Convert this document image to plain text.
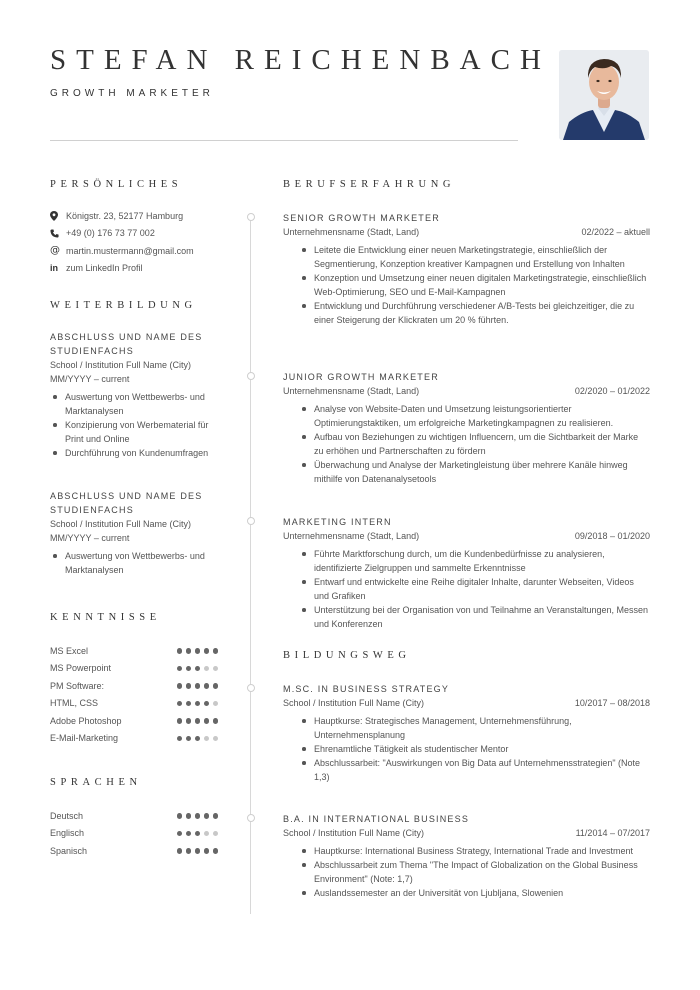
STEFAN REICHENBACH
GROWTH MARKETER
PERSÖNLICHES
Königstr. 23, 52177 Hamburg
+49 (0) 176 73 77 002
@ martin.mustermann@gmail.com
in zum LinkedIn Profil
WEITERBILDUNG
ABSCHLUSS UND NAME DES STUDIENFACHS
School / Institution Full Name (City)
MM/YYYY – current
Auswertung von Wettbewerbs- und Marktanalysen
Konzipierung von Werbematerial für Print und Online
Durchführung von Kundenumfragen
ABSCHLUSS UND NAME DES STUDIENFACHS
School / Institution Full Name (City)
MM/YYYY – current
Auswertung von Wettbewerbs- und Marktanalysen
KENNTNISSE
MS Excel
MS Powerpoint
PM Software:
HTML, CSS
Adobe Photoshop
E-Mail-Marketing
SPRACHEN
Deutsch
Englisch
Spanisch
BERUFSERFAHRUNG
SENIOR GROWTH MARKETER
Unternehmensname (Stadt, Land)	02/2022 – aktuell
Leitete die Entwicklung einer neuen Marketingstrategie, einschließlich der Segmentierung, Konzeption kreativer Kampagnen und Erstellung von Inhalten
Konzeption und Umsetzung einer neuen digitalen Marketingstrategie, einschließlich Web-Optimierung, SEO und E-Mail-Kampagnen
Entwicklung und Durchführung verschiedener A/B-Tests bei gleichzeitiger, die zu einer Steigerung der Klickraten um 20 % führten.
JUNIOR GROWTH MARKETER
Unternehmensname (Stadt, Land)	02/2020 – 01/2022
Analyse von Website-Daten und Umsetzung leistungsorientierter Optimierungstaktiken, um erfolgreiche Marketingkampagnen zu realisieren.
Aufbau von Beziehungen zu wichtigen Influencern, um die Sichtbarkeit der Marke zu erhöhen und Partnerschaften zu fördern
Überwachung und Analyse der Marketingleistung über mehrere Kanäle hinweg mithilfe von Datenanalysetools
MARKETING INTERN
Unternehmensname (Stadt, Land)	09/2018 – 01/2020
Führte Marktforschung durch, um die Kundenbedürfnisse zu analysieren, identifizierte Zielgruppen und sammelte Erkenntnisse
Entwarf und entwickelte eine Reihe digitaler Inhalte, darunter Webseiten, Videos und Grafiken
Unterstützung bei der Organisation von und Teilnahme an Veranstaltungen, Messen und Konferenzen
BILDUNGSWEG
M.SC. IN BUSINESS STRATEGY
School / Institution Full Name (City)	10/2017 – 08/2018
Hauptkurse: Strategisches Management, Unternehmensführung, Unternehmensplanung
Ehrenamtliche Tätigkeit als studentischer Mentor
Abschlussarbeit: "Auswirkungen von Big Data auf Unternehmensstrategien" (Note 1,3)
B.A. IN INTERNATIONAL BUSINESS
School / Institution Full Name (City)	11/2014 – 07/2017
Hauptkurse: International Business Strategy, International Trade and Investment
Abschlussarbeit zum Thema "The Impact of Globalization on the Global Business Environment" (Note: 1,7)
Auslandssemester an der Universität von Ljubljana, Slowenien
